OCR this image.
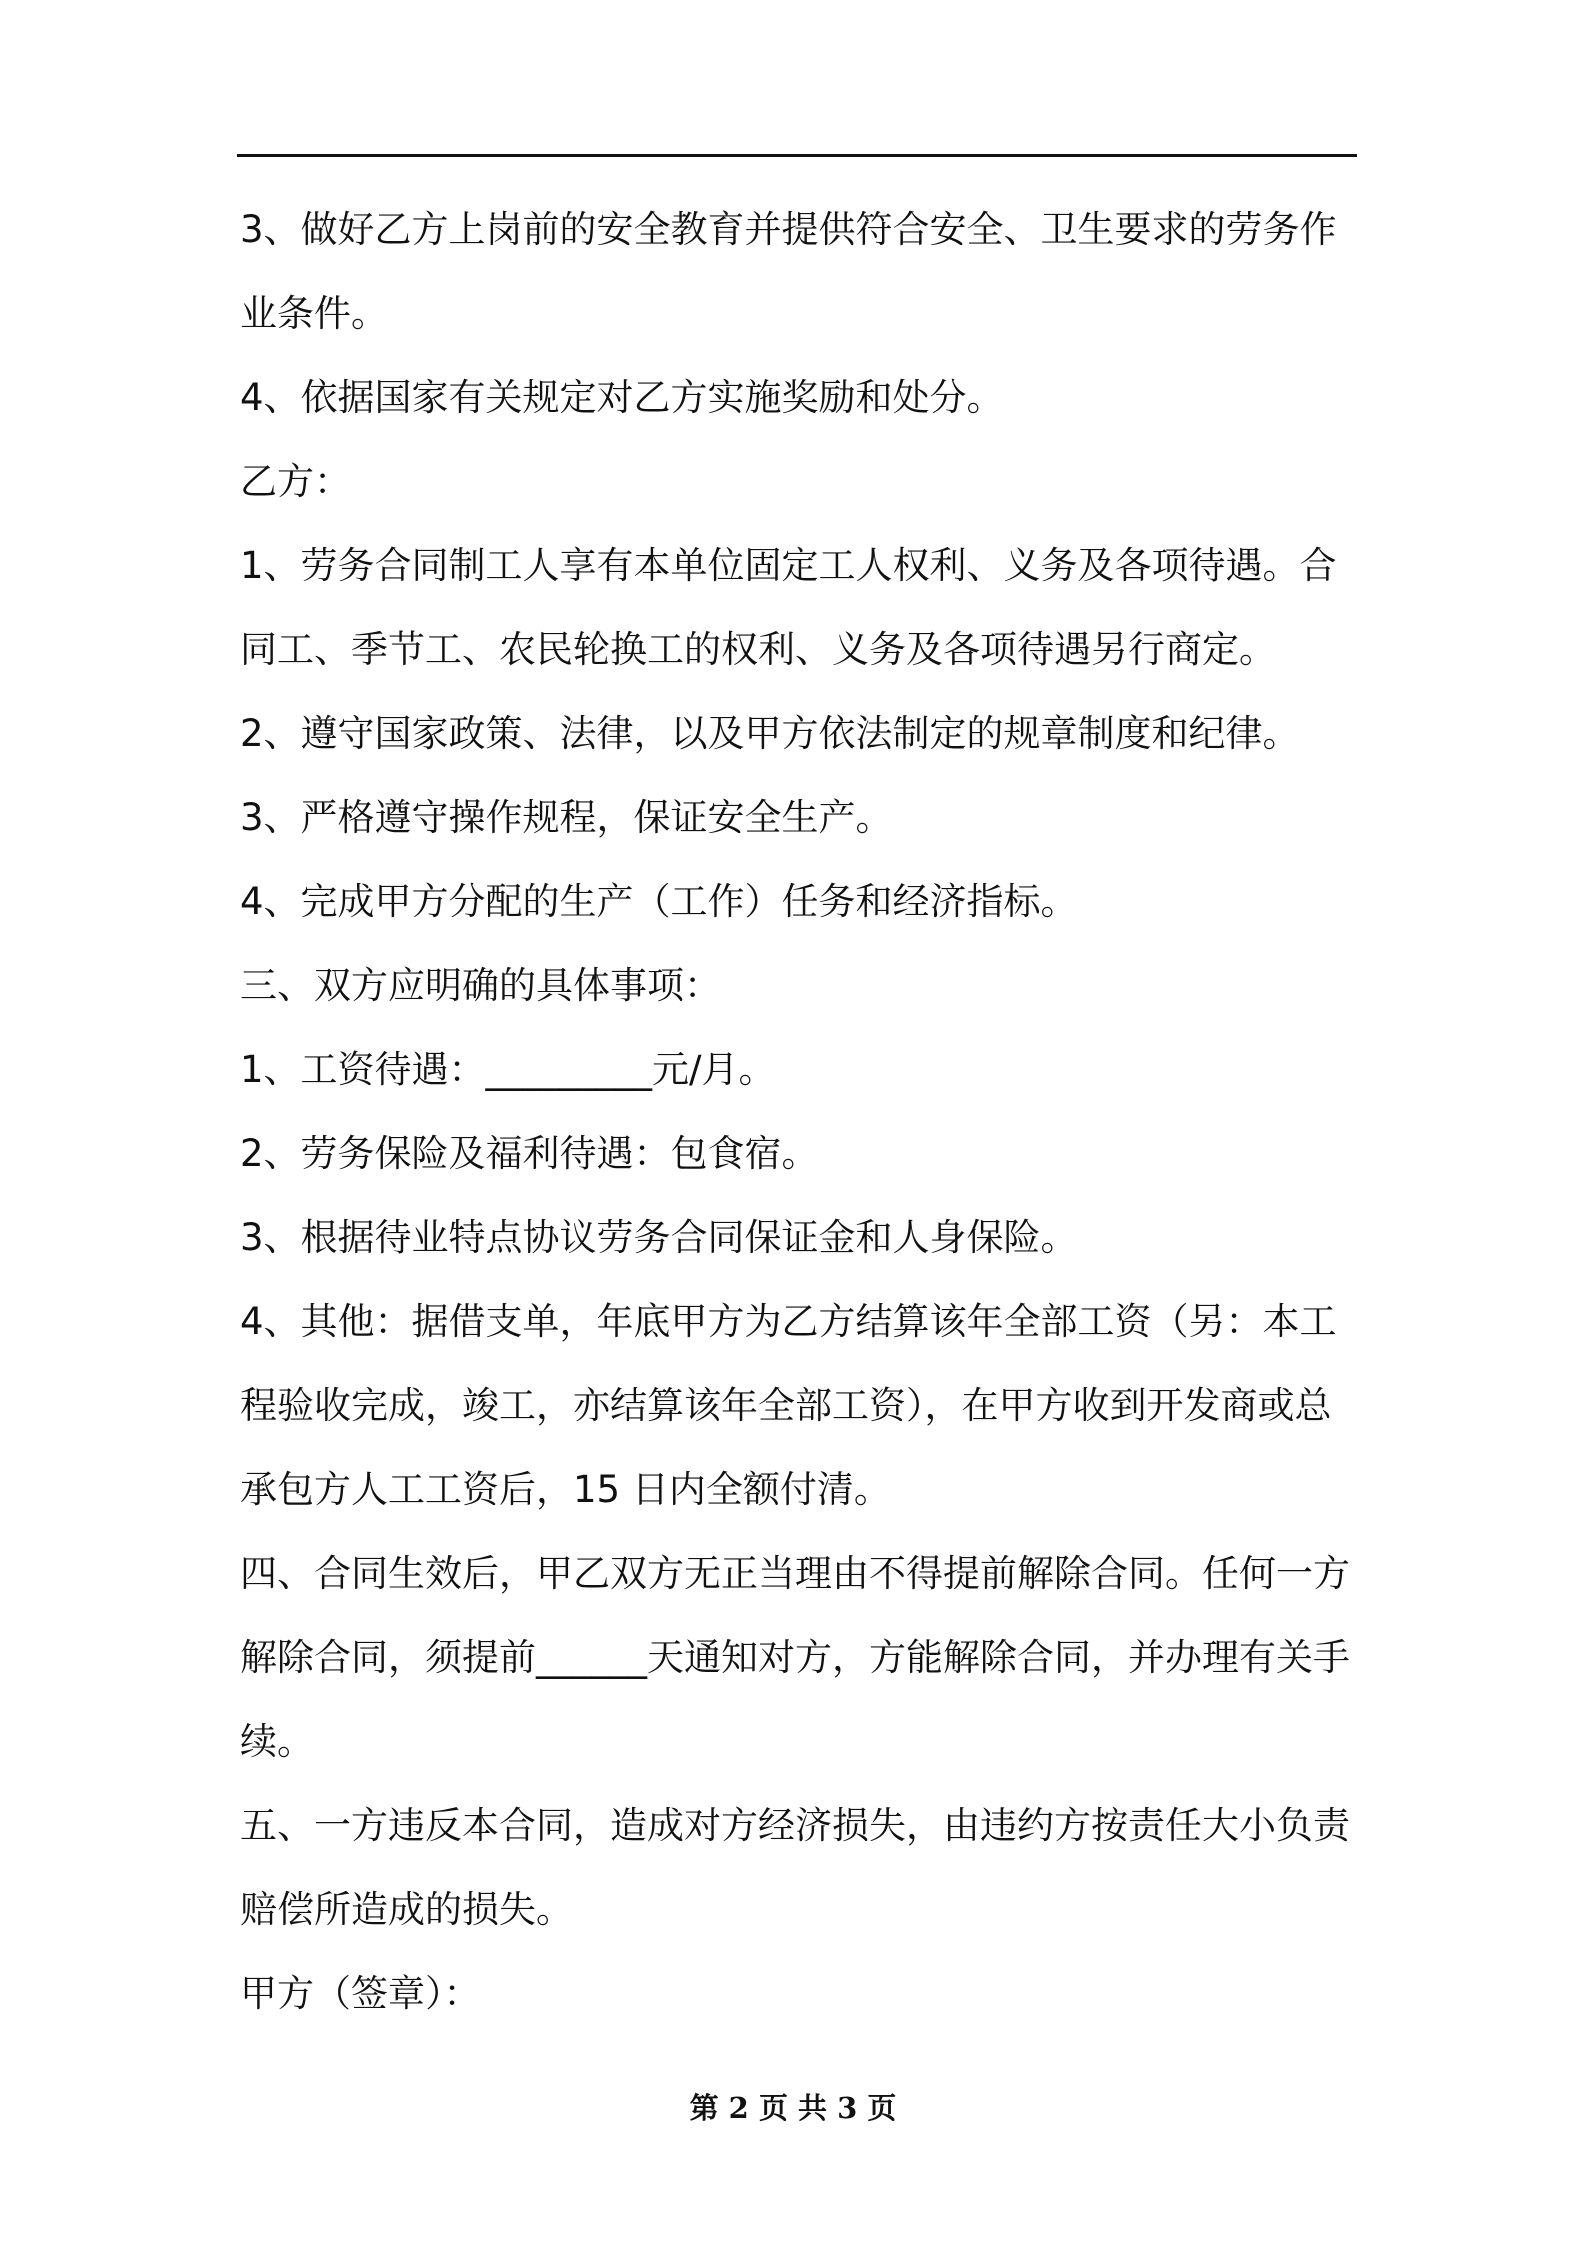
3、做好乙方上岗前的安全教育并提供符合安全、卫生要求的劳务作业条件。

4、依据国家有关规定对乙方实施奖励和处分。

乙方：

1、劳务合同制工人享有本单位固定工人权利、义务及各项待遇。合同工、季节工、农民轮换工的权利、义务及各项待遇另行商定。

2、遵守国家政策、法律，以及甲方依法制定的规章制度和纪律。

3、严格遵守操作规程，保证安全生产。

4、完成甲方分配的生产（工作）任务和经济指标。

三、双方应明确的具体事项：

1、工资待遇：_________元/月。

2、劳务保险及福利待遇：包食宿。

3、根据待业特点协议劳务合同保证金和人身保险。

4、其他：据借支单，年底甲方为乙方结算该年全部工资（另：本工程验收完成，竣工，亦结算该年全部工资），在甲方收到开发商或总承包方人工工资后，15 日内全额付清。

四、合同生效后，甲乙双方无正当理由不得提前解除合同。任何一方解除合同，须提前______天通知对方，方能解除合同，并办理有关手续。

五、一方违反本合同，造成对方经济损失，由违约方按责任大小负责赔偿所造成的损失。

甲方（签章）：

第 2 页 共 3 页
